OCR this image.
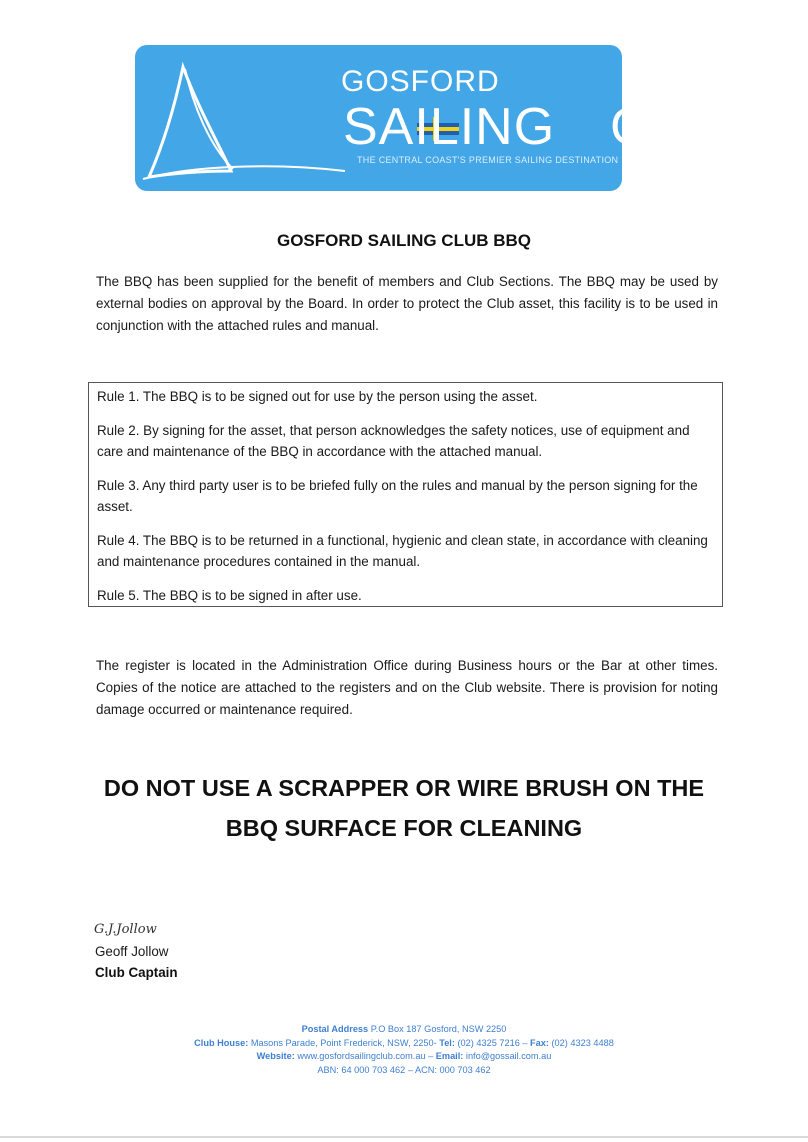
GOSFORD
SAILING CLUB
THE CENTRAL COAST'S PREMIER SAILING DESTINATION
GOSFORD SAILING CLUB BBQ
The BBQ has been supplied for the benefit of members and Club Sections. The BBQ may be used by external bodies on approval by the Board. In order to protect the Club asset, this facility is to be used in conjunction with the attached rules and manual.

Rule 1. The BBQ is to be signed out for use by the person using the asset.

Rule 2. By signing for the asset, that person acknowledges the safety notices, use of equipment and care and maintenance of the BBQ in accordance with the attached manual.

Rule 3. Any third party user is to be briefed fully on the rules and manual by the person signing for the asset.

Rule 4. The BBQ is to be returned in a functional, hygienic and clean state, in accordance with cleaning and maintenance procedures contained in the manual.

Rule 5. The BBQ is to be signed in after use.

The register is located in the Administration Office during Business hours or the Bar at other times. Copies of the notice are attached to the registers and on the Club website. There is provision for noting damage occurred or maintenance required.
DO NOT USE A SCRAPPER OR WIRE BRUSH ON THE
BBQ SURFACE FOR CLEANING
G.J.Jollow
Geoff Jollow
Club Captain
Postal Address P.O Box 187 Gosford, NSW 2250
Club House: Masons Parade, Point Frederick, NSW, 2250- Tel: (02) 4325 7216 – Fax: (02) 4323 4488
Website: www.gosfordsailingclub.com.au – Email: info@gossail.com.au
ABN: 64 000 703 462 – ACN: 000 703 462
